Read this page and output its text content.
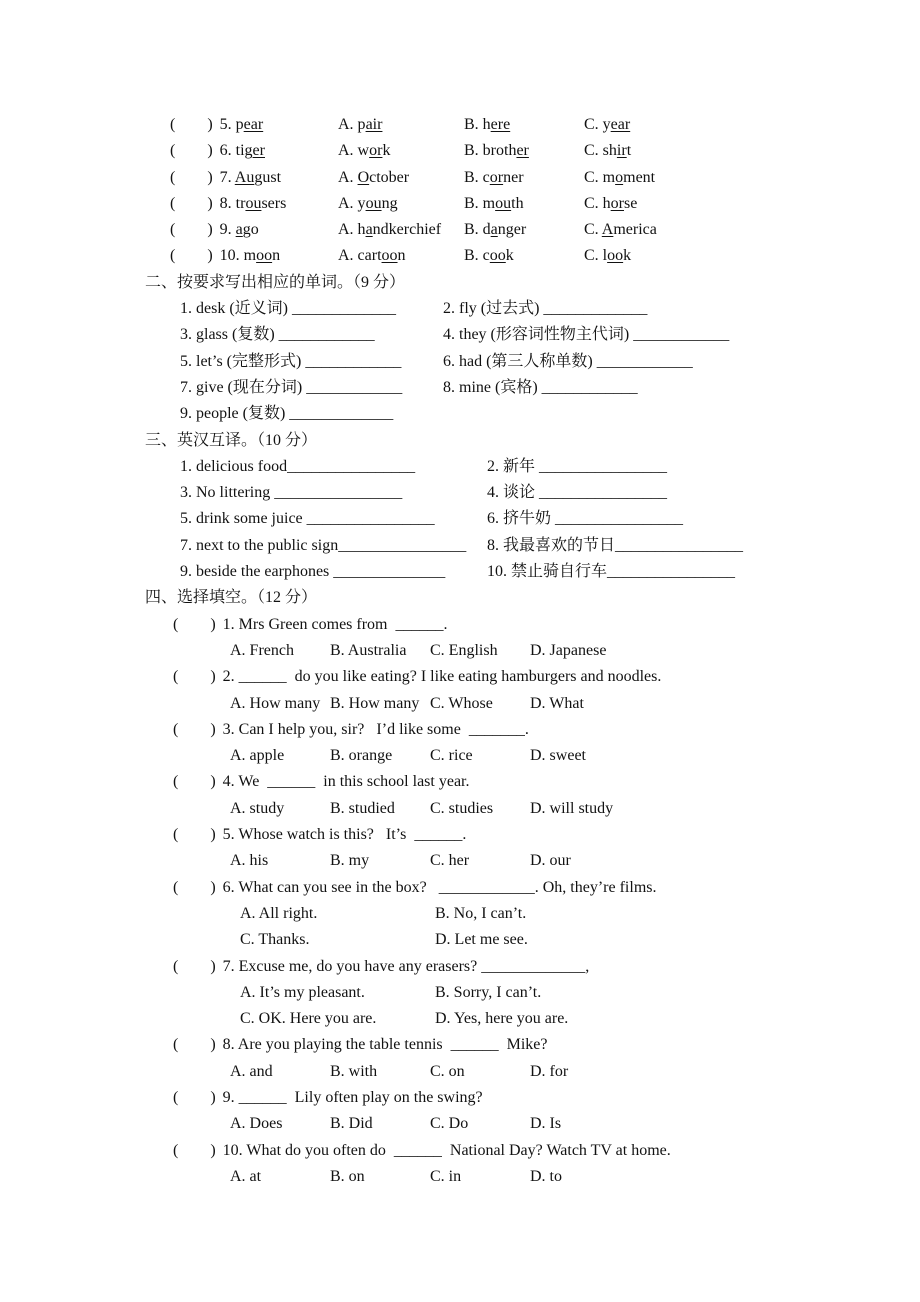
(        ) 5. pear	A. pair	B. here	C. year
(        ) 6. tiger	A. work	B. brother	C. shirt
(        ) 7. August	A. October	B. corner	C. moment
(        ) 8. trousers	A. young	B. mouth	C. horse
(        ) 9. ago	A. handkerchief	B. danger	C. America
(        ) 10. moon	A. cartoon	B. cook	C. look
二、按要求写出相应的单词。（9 分）
1. desk (近义词) _____________	2. fly (过去式) _____________
3. glass (复数) ____________	4. they (形容词性物主代词) ____________
5. let’s (完整形式) ____________	6. had (第三人称单数) ____________
7. give (现在分词) ____________	8. mine (宾格) ____________
9. people (复数) _____________
三、英汉互译。（10 分）
1. delicious food________________	2. 新年 ________________
3. No littering ________________	4. 谈论 ________________
5. drink some juice ________________	6. 挤牛奶 ________________
7. next to the public sign________________	8. 我最喜欢的节日________________
9. beside the earphones ______________	10. 禁止骑自行车________________
四、选择填空。（12 分）
(        ) 1. Mrs Green comes from  ______.
A. French	B. Australia	C. English	D. Japanese
(        ) 2. ______  do you like eating? I like eating hamburgers and noodles.
A. How many B. How many C. Whose	D. What
(        ) 3. Can I help you, sir?   I’d like some  _______.
A. apple	B. orange	C. rice	D. sweet
(        ) 4. We  ______  in this school last year.
A. study	B. studied	C. studies	D. will study
(        ) 5. Whose watch is this?   It’s  ______.
A. his	B. my	C. her	D. our
(        ) 6. What can you see in the box?   ____________. Oh, they’re films.
A. All right.	B. No, I can’t.
C. Thanks.	D. Let me see.
(        ) 7. Excuse me, do you have any erasers? _____________,
A. It’s my pleasant.	B. Sorry, I can’t.
C. OK. Here you are.	D. Yes, here you are.
(        ) 8. Are you playing the table tennis  ______  Mike?
A. and	B. with	C. on	D. for
(        ) 9. ______  Lily often play on the swing?
A. Does	B. Did	C. Do	D. Is
(        ) 10. What do you often do  ______  National Day? Watch TV at home.
A. at	B. on	C. in	D. to
